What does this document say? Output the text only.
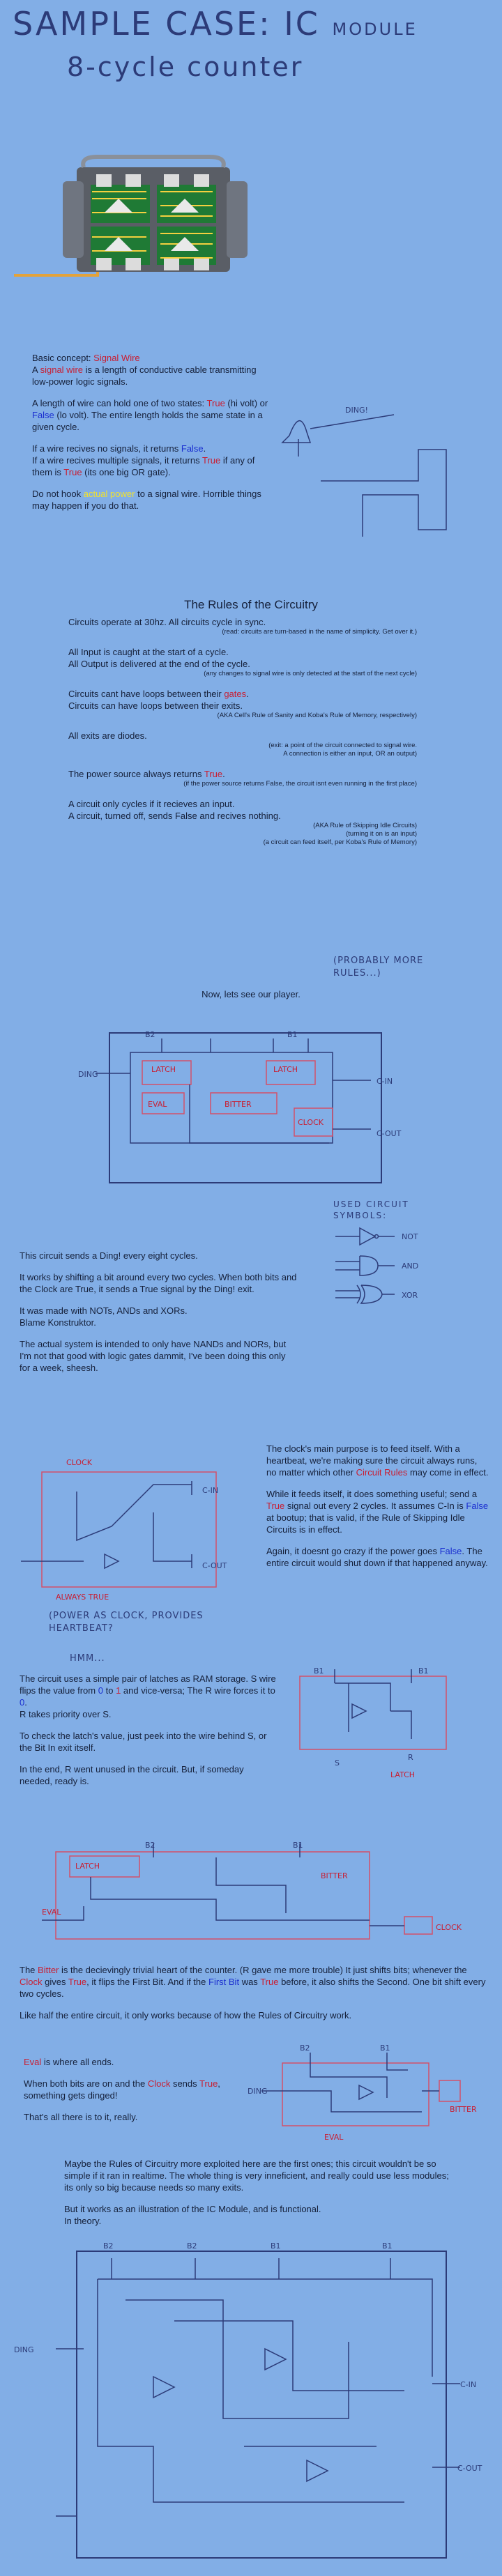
SAMPLE CASE: IC MODULE
8-cycle counter

Basic concept: Signal Wire
A signal wire is a length of conductive cable transmitting low-power logic signals.

A length of wire can hold one of two states: True (hi volt) or False (lo volt). The entire length holds the same state in a given cycle.

If a wire recives no signals, it returns False.
If a wire recives multiple signals, it returns True if any of them is True (its one big OR gate).

Do not hook actual power to a signal wire. Horrible things may happen if you do that.

DING!
The Rules of the Circuitry
Circuits operate at 30hz. All circuits cycle in sync.
(read: circuits are turn-based in the name of simplicity. Get over it.)
All Input is caught at the start of a cycle.
All Output is delivered at the end of the cycle.
(any changes to signal wire is only detected at the start of the next cycle)
Circuits cant have loops between their gates.
Circuits can have loops between their exits.
(AKA Cell's Rule of Sanity and Koba's Rule of Memory, respectively)
All exits are diodes.
(exit: a point of the circuit connected to signal wire.
A connection is either an input, OR an output)
The power source always returns True.
(if the power source returns False, the circuit isnt even running in the first place)
A circuit only cycles if it recieves an input.
A circuit, turned off, sends False and recives nothing.
(AKA Rule of Skipping Idle Circuits)
(turning it on is an input)
(a circuit can feed itself, per Koba's Rule of Memory)
(PROBABLY MORE RULES...)
Now, lets see our player.
B2	B1
DING
C-IN
C-OUT
LATCH	LATCH
EVAL	BITTER
CLOCK
USED CIRCUIT SYMBOLS:
NOT
AND
XOR

This circuit sends a Ding! every eight cycles.

It works by shifting a bit around every two cycles. When both bits and the Clock are True, it sends a True signal by the Ding! exit.

It was made with NOTs, ANDs and XORs.
Blame Konstruktor.

The actual system is intended to only have NANDs and NORs, but I'm not that good with logic gates dammit, I've been doing this only for a week, sheesh.

CLOCK
C-IN
C-OUT
ALWAYS TRUE
(POWER AS CLOCK, PROVIDES HEARTBEAT?
HMM...

The clock's main purpose is to feed itself. With a heartbeat, we're making sure the circuit always runs, no matter which other Circuit Rules may come in effect.

While it feeds itself, it does something useful; send a True signal out every 2 cycles. It assumes C-In is False at bootup; that is valid, if the Rule of Skipping Idle Circuits is in effect.

Again, it doesnt go crazy if the power goes False. The entire circuit would shut down if that happened anyway.

The circuit uses a simple pair of latches as RAM storage. S wire flips the value from 0 to 1 and vice-versa; The R wire forces it to 0.
R takes priority over S.

To check the latch's value, just peek into the wire behind S, or the Bit In exit itself.

In the end, R went unused in the circuit. But, if someday needed, ready is.

B1	B1
S
R
LATCH
B2	B1
LATCH
EVAL
BITTER
CLOCK

The Bitter is the decievingly trivial heart of the counter. (R gave me more trouble) It just shifts bits; whenever the Clock gives True, it flips the First Bit. And if the First Bit was True before, it also shifts the Second. One bit shift every two cycles.

Like half the entire circuit, it only works because of how the Rules of Circuitry work.

Eval is where all ends.

When both bits are on and the Clock sends True, something gets dinged!

That's all there is to it, really.

B2	B1
DING
BITTER
EVAL

Maybe the Rules of Circuitry more exploited here are the first ones; this circuit wouldn't be so simple if it ran in realtime. The whole thing is very inneficient, and really could use less modules; its only so big because needs so many exits.

But it works as an illustration of the IC Module, and is functional.
In theory.

B2	B2	B1	B1
DING
C-IN
C-OUT
